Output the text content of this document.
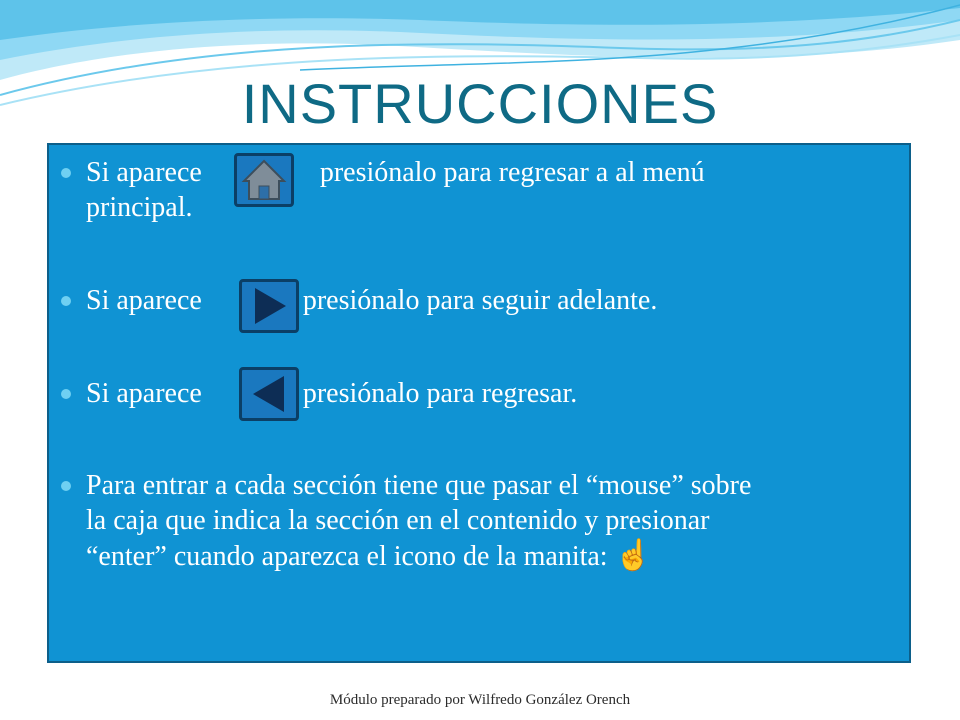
INSTRUCCIONES
Si aparece	presiónalo para regresar a al menú
principal.
Si aparece	presiónalo para seguir adelante.
Si aparece	presiónalo para regresar.
Para entrar a cada sección tiene que pasar el “mouse” sobre
la caja que indica la sección en el contenido y presionar
“enter” cuando aparezca el icono de la manita: ☝
Módulo preparado por Wilfredo González Orench
